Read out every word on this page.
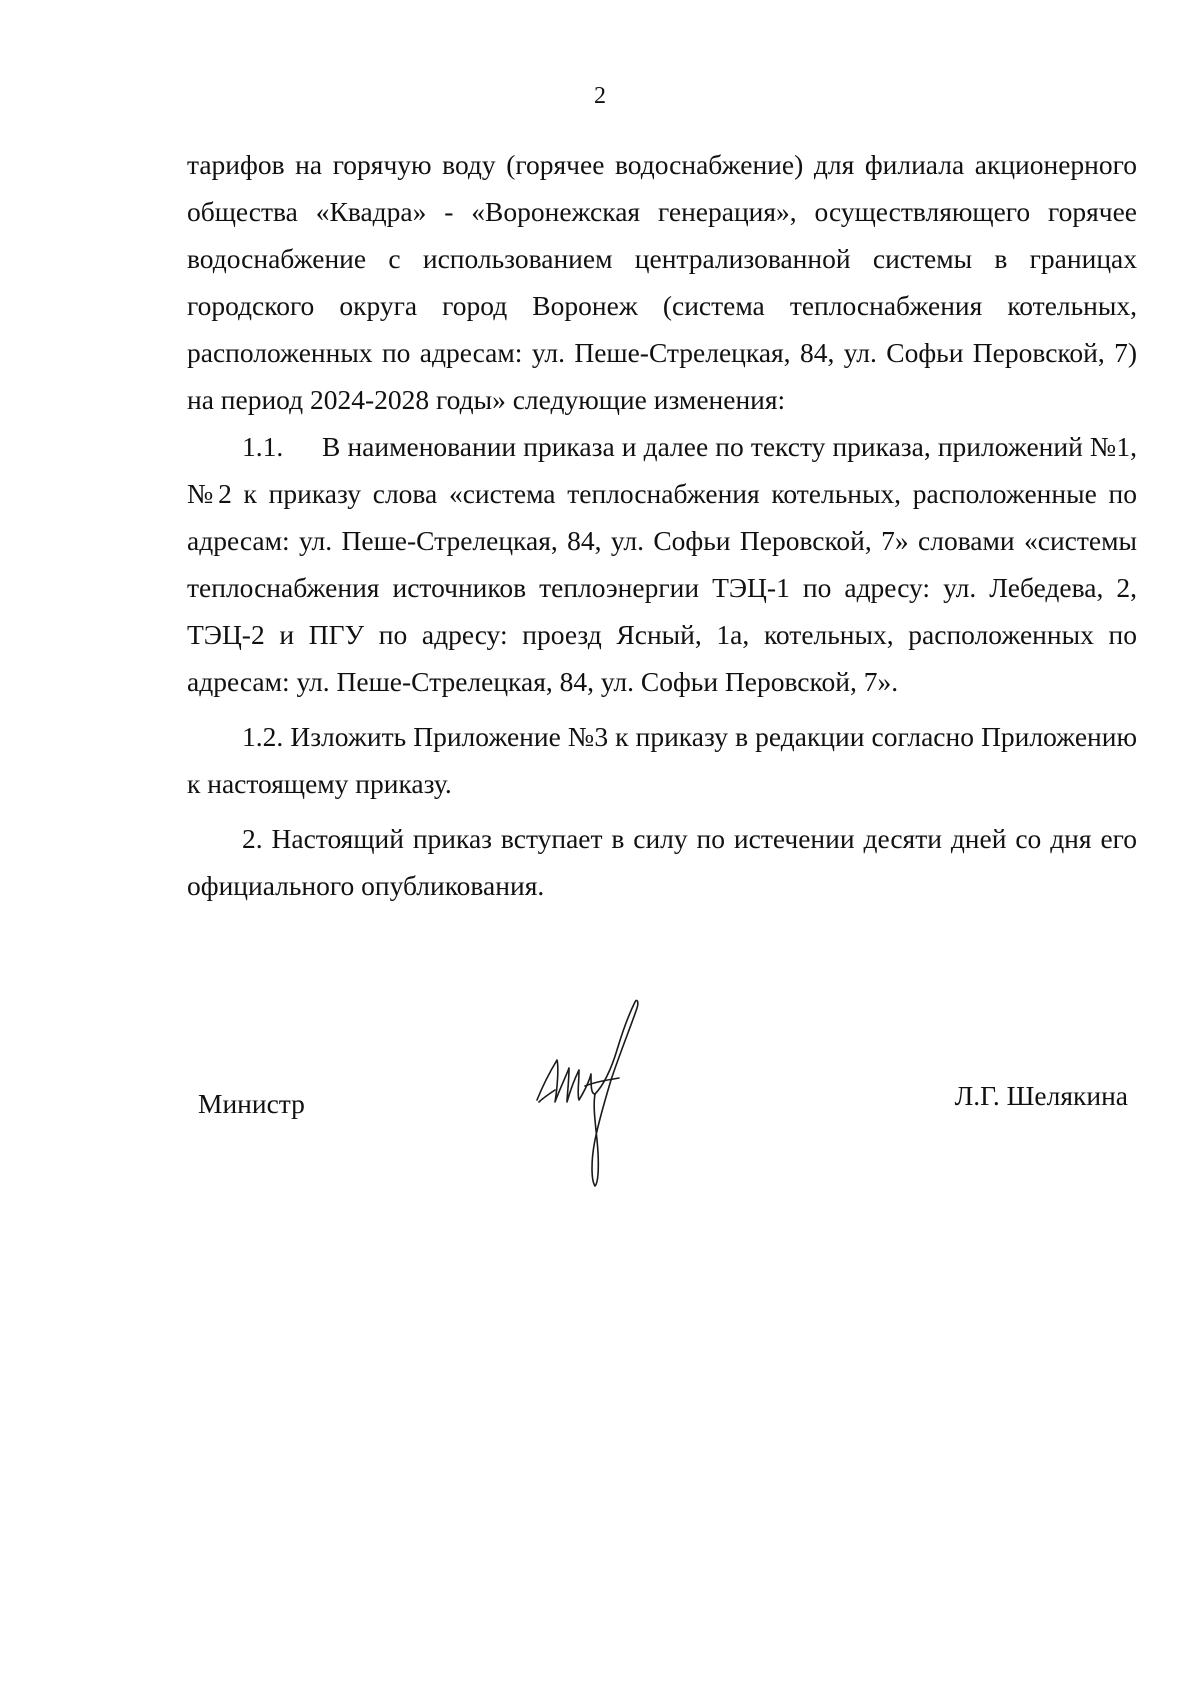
2

тарифов на горячую воду (горячее водоснабжение) для филиала акционерного общества «Квадра» - «Воронежская генерация», осуществляющего горячее водоснабжение с использованием централизованной системы в границах городского округа город Воронеж (система теплоснабжения котельных, расположенных по адресам: ул. Пеше-Стрелецкая, 84, ул. Софьи Перовской, 7) на период 2024-2028 годы» следующие изменения:

1.1. В наименовании приказа и далее по тексту приказа, приложений №1, №2 к приказу слова «система теплоснабжения котельных, расположенные по адресам: ул. Пеше-Стрелецкая, 84, ул. Софьи Перовской, 7» словами «системы теплоснабжения источников теплоэнергии ТЭЦ-1 по адресу: ул. Лебедева, 2, ТЭЦ-2 и ПГУ по адресу: проезд Ясный, 1а, котельных, расположенных по адресам: ул. Пеше-Стрелецкая, 84, ул. Софьи Перовской, 7».

1.2. Изложить Приложение №3 к приказу в редакции согласно Приложению к настоящему приказу.

2. Настоящий приказ вступает в силу по истечении десяти дней со дня его официального опубликования.

Министр	Л.Г. Шелякина
